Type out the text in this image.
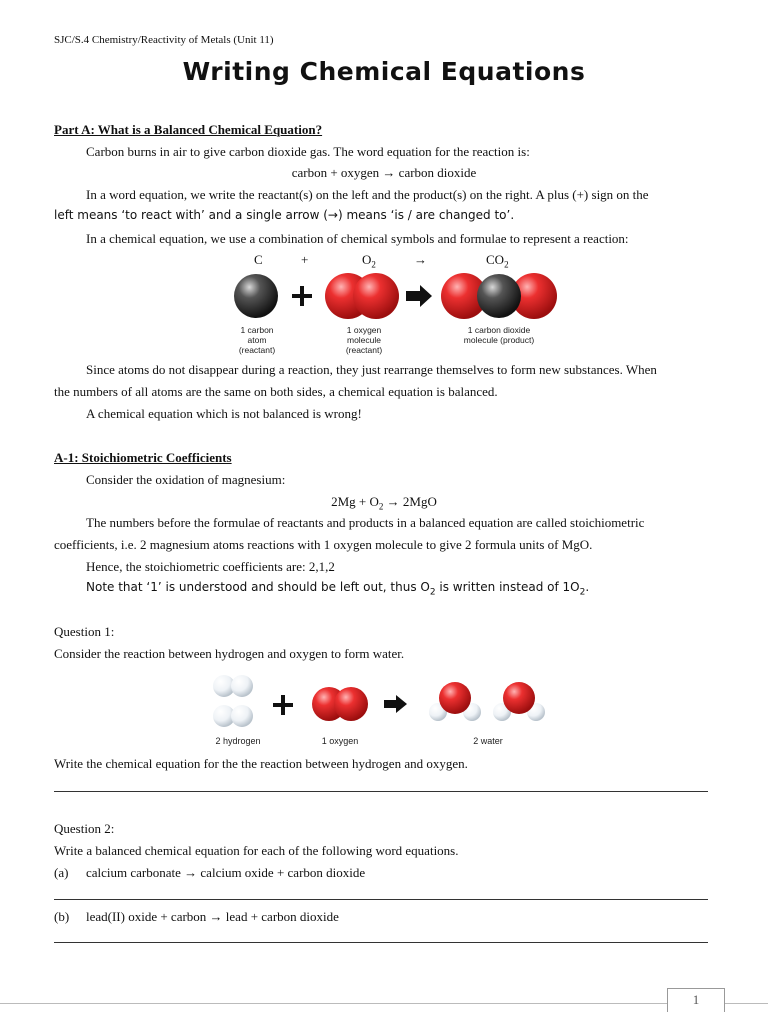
SJC/S.4 Chemistry/Reactivity of Metals (Unit 11)
Writing Chemical Equations
Part A: What is a Balanced Chemical Equation?
Carbon burns in air to give carbon dioxide gas. The word equation for the reaction is:
carbon + oxygen → carbon dioxide
In a word equation, we write the reactant(s) on the left and the product(s) on the right. A plus (+) sign on the
left means ‘to react with’ and a single arrow (→) means ‘is / are changed to’.
In a chemical equation, we use a combination of chemical symbols and formulae to represent a reaction:
C	+	$O_2$	→	$CO_2$
1 carbon atom (reactant)
1 oxygen molecule (reactant)
1 carbon dioxide molecule (product)
Since atoms do not disappear during a reaction, they just rearrange themselves to form new substances. When
the numbers of all atoms are the same on both sides, a chemical equation is balanced.
A chemical equation which is not balanced is wrong!
A-1: Stoichiometric Coefficients
Consider the oxidation of magnesium:
$2Mg + O_2 \to 2MgO$
The numbers before the formulae of reactants and products in a balanced equation are called stoichiometric
coefficients, i.e. 2 magnesium atoms reactions with 1 oxygen molecule to give 2 formula units of MgO.
Hence, the stoichiometric coefficients are: 2,1,2
Note that ‘1’ is understood and should be left out, thus $O_2$ is written instead of $1O_2$.
Question 1:
Consider the reaction between hydrogen and oxygen to form water.
2 hydrogen	1 oxygen	2 water
Write the chemical equation for the the reaction between hydrogen and oxygen.
Question 2:
Write a balanced chemical equation for each of the following word equations.
(a) calcium carbonate → calcium oxide + carbon dioxide
(b) lead(II) oxide + carbon → lead + carbon dioxide
1
